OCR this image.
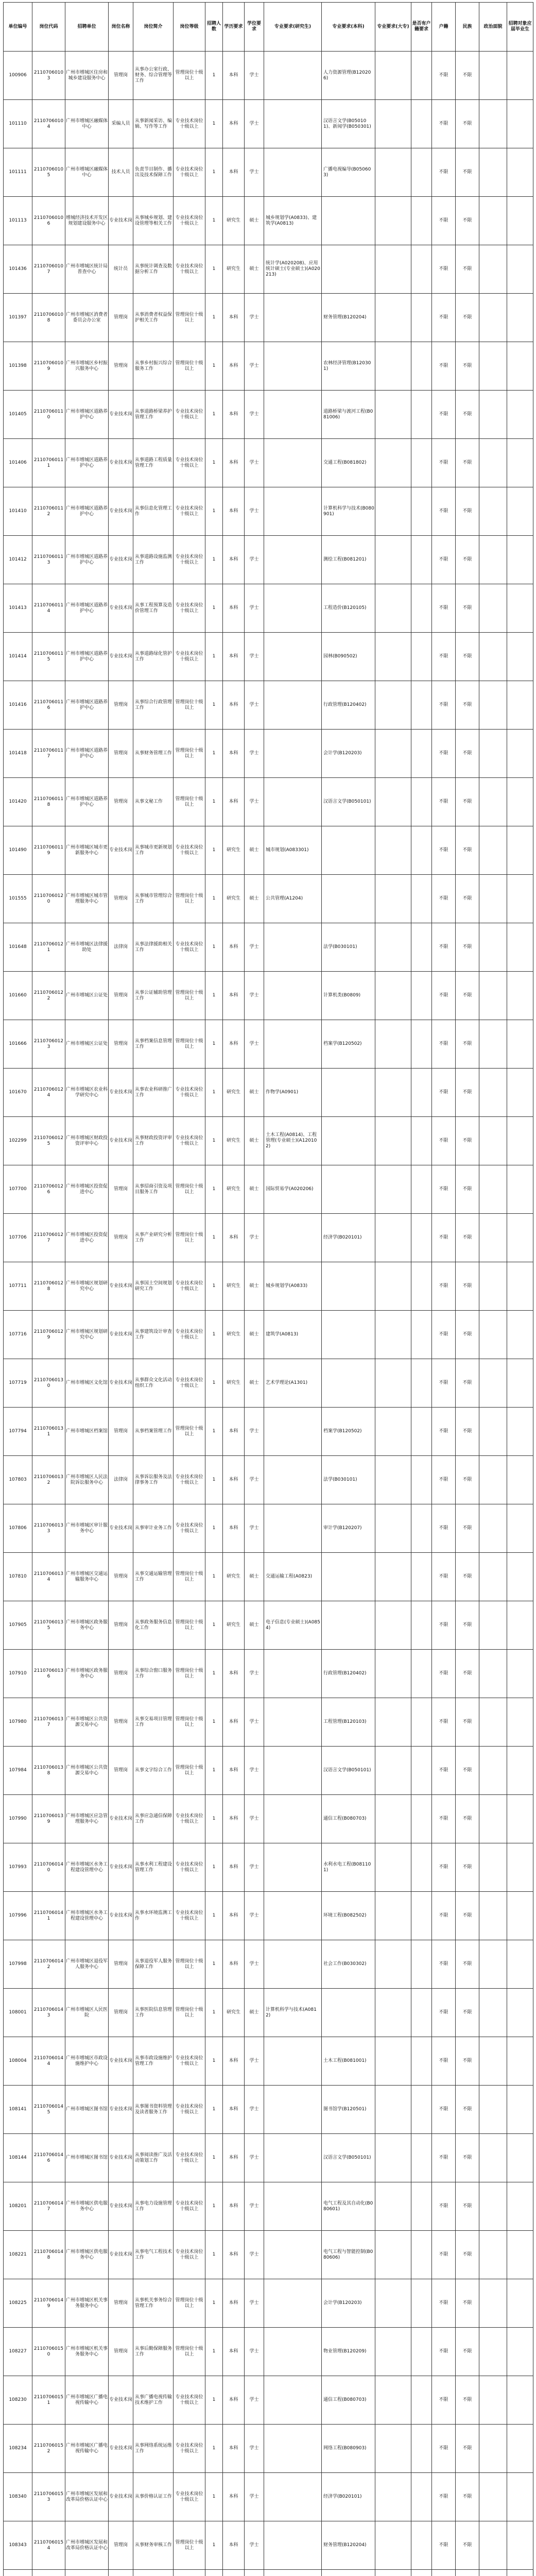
单位编号	岗位代码	招聘单位	岗位名称	岗位简介	岗位等级	招聘人数	学历要求	学位要求	专业要求(研究生)	专业要求(本科)	专业要求(大专)	是否有户籍要求	户籍	民族	政治面貌	招聘对象应届毕业生
100906	21107060103	广州市增城区住房和城乡建设服务中心	管理岗	从事办公室行政、财务、综合管理等工作	管理岗位十级以上	1	本科	学士		人力资源管理(B120206)			不限	不限		
101110	21107060104	广州市增城区融媒体中心	采编人员	从事新闻采访、编辑、写作等工作	专业技术岗位十级以上	1	本科	学士		汉语言文学(B050101)、新闻学(B050301)			不限	不限		
101111	21107060105	广州市增城区融媒体中心	技术人员	负责节目制作、播出及技术保障工作	专业技术岗位十级以上	1	本科	学士		广播电视编导(B050603)			不限	不限		
101113	21107060106	增城经济技术开发区规划建设服务中心	专业技术岗	从事城乡规划、建设管理等相关工作	专业技术岗位十级以上	1	研究生	硕士	城乡规划学(A0833)、建筑学(A0813)				不限	不限		
101436	21107060107	广州市增城区统计局普查中心	统计员	从事统计调查及数据分析工作	专业技术岗位十级以上	1	研究生	硕士	统计学(A020208)、应用统计硕士(专业硕士)(A020213)				不限	不限		
101397	21107060108	广州市增城区消费者委员会办公室	管理岗	从事消费者权益保护相关工作	管理岗位十级以上	1	本科	学士		财务管理(B120204)			不限	不限		
101398	21107060109	广州市增城区乡村振兴服务中心	管理岗	从事乡村振兴综合服务工作	管理岗位十级以上	1	本科	学士		农林经济管理(B120301)			不限	不限		
101405	21107060110	广州市增城区道路养护中心	专业技术岗	从事道路桥梁养护管理工作	专业技术岗位十级以上	1	本科	学士		道路桥梁与渡河工程(B081006)			不限	不限		
101406	21107060111	广州市增城区道路养护中心	专业技术岗	从事道路工程质量管理工作	专业技术岗位十级以上	1	本科	学士		交通工程(B081802)			不限	不限		
101410	21107060112	广州市增城区道路养护中心	专业技术岗	从事信息化管理工作	专业技术岗位十级以上	1	本科	学士		计算机科学与技术(B080901)			不限	不限		
101412	21107060113	广州市增城区道路养护中心	专业技术岗	从事道路设施监测工作	专业技术岗位十级以上	1	本科	学士		测绘工程(B081201)			不限	不限		
101413	21107060114	广州市增城区道路养护中心	专业技术岗	从事工程预算及造价管理工作	专业技术岗位十级以上	1	本科	学士		工程造价(B120105)			不限	不限		
101414	21107060115	广州市增城区道路养护中心	专业技术岗	从事道路绿化管护工作	专业技术岗位十级以上	1	本科	学士		园林(B090502)			不限	不限		
101416	21107060116	广州市增城区道路养护中心	管理岗	从事综合行政管理工作	管理岗位十级以上	1	本科	学士		行政管理(B120402)			不限	不限		
101418	21107060117	广州市增城区道路养护中心	管理岗	从事财务管理工作	管理岗位十级以上	1	本科	学士		会计学(B120203)			不限	不限		
101420	21107060118	广州市增城区道路养护中心	管理岗	从事文秘工作	管理岗位十级以上	1	本科	学士		汉语言文学(B050101)			不限	不限		
101490	21107060119	广州市增城区城市更新服务中心	专业技术岗	从事城市更新规划工作	专业技术岗位十级以上	1	研究生	硕士	城市规划(A083301)				不限	不限		
101555	21107060120	广州市增城区城市管理服务中心	管理岗	从事城市管理综合工作	管理岗位十级以上	1	研究生	硕士	公共管理(A1204)				不限	不限		
101648	21107060121	广州市增城区法律援助处	法律岗	从事法律援助相关工作	专业技术岗位十级以上	1	本科	学士		法学(B030101)			不限	不限		
101660	21107060122	广州市增城区公证处	管理岗	从事公证辅助管理工作	管理岗位十级以上	1	本科	学士		计算机类(B0809)			不限	不限		
101666	21107060123	广州市增城区公证处	管理岗	从事档案信息管理工作	管理岗位十级以上	1	本科	学士		档案学(B120502)			不限	不限		
101670	21107060124	广州市增城区农业科学研究中心	专业技术岗	从事农业科研推广工作	专业技术岗位十级以上	1	研究生	硕士	作物学(A0901)				不限	不限		
102299	21107060125	广州市增城区财政投资评审中心	专业技术岗	从事财政投资评审工作	专业技术岗位十级以上	1	研究生	硕士	土木工程(A0814)、工程管理(专业硕士)(A120102)				不限	不限		
107700	21107060126	广州市增城区投资促进中心	管理岗	从事招商引资及项目服务工作	管理岗位十级以上	1	研究生	硕士	国际贸易学(A020206)				不限	不限		
107706	21107060127	广州市增城区投资促进中心	管理岗	从事产业研究分析工作	管理岗位十级以上	1	本科	学士		经济学(B020101)			不限	不限		
107711	21107060128	广州市增城区规划研究中心	专业技术岗	从事国土空间规划研究工作	专业技术岗位十级以上	1	研究生	硕士	城乡规划学(A0833)				不限	不限		
107716	21107060129	广州市增城区规划研究中心	专业技术岗	从事建筑设计审查工作	专业技术岗位十级以上	1	研究生	硕士	建筑学(A0813)				不限	不限		
107719	21107060130	广州市增城区文化馆	专业技术岗	从事群众文化活动组织工作	专业技术岗位十级以上	1	研究生	硕士	艺术学理论(A1301)				不限	不限		
107794	21107060131	广州市增城区档案馆	管理岗	从事档案管理工作	管理岗位十级以上	1	本科	学士		档案学(B120502)			不限	不限		
107803	21107060132	广州市增城区人民法院诉讼服务中心	法律岗	从事诉讼服务及法律事务工作	专业技术岗位十级以上	1	本科	学士		法学(B030101)			不限	不限		
107806	21107060133	广州市增城区审计服务中心	专业技术岗	从事审计业务工作	专业技术岗位十级以上	1	本科	学士		审计学(B120207)			不限	不限		
107810	21107060134	广州市增城区交通运输服务中心	管理岗	从事交通运输管理工作	管理岗位十级以上	1	研究生	硕士	交通运输工程(A0823)				不限	不限		
107905	21107060135	广州市增城区政务服务中心	管理岗	从事政务服务信息化工作	管理岗位十级以上	1	研究生	硕士	电子信息(专业硕士)(A0854)				不限	不限		
107910	21107060136	广州市增城区政务服务中心	管理岗	从事综合窗口服务工作	管理岗位十级以上	1	本科	学士		行政管理(B120402)			不限	不限		
107980	21107060137	广州市增城区公共资源交易中心	管理岗	从事交易项目管理工作	管理岗位十级以上	1	本科	学士		工程管理(B120103)			不限	不限		
107984	21107060138	广州市增城区公共资源交易中心	管理岗	从事文字综合工作	管理岗位十级以上	1	本科	学士		汉语言文学(B050101)			不限	不限		
107990	21107060139	广州市增城区应急管理服务中心	专业技术岗	从事应急通信保障工作	专业技术岗位十级以上	1	本科	学士		通信工程(B080703)			不限	不限		
107993	21107060140	广州市增城区水务工程建设管理中心	专业技术岗	从事水利工程建设管理工作	专业技术岗位十级以上	1	本科	学士		水利水电工程(B081101)			不限	不限		
107996	21107060141	广州市增城区水务工程建设管理中心	专业技术岗	从事水环境监测工作	专业技术岗位十级以上	1	本科	学士		环境工程(B082502)			不限	不限		
107998	21107060142	广州市增城区退役军人服务中心	管理岗	从事退役军人服务保障工作	管理岗位十级以上	1	本科	学士		社会工作(B030302)			不限	不限		
108001	21107060143	广州市增城区人民医院	管理岗	从事医院信息管理工作	管理岗位十级以上	1	研究生	硕士	计算机科学与技术(A0812)				不限	不限		
108004	21107060144	广州市增城区市政设施维护中心	专业技术岗	从事市政设施维护管理工作	专业技术岗位十级以上	1	本科	学士		土木工程(B081001)			不限	不限		
108141	21107060145	广州市增城区图书馆	专业技术岗	从事图书资料管理及读者服务工作	专业技术岗位十级以上	1	本科	学士		图书馆学(B120501)			不限	不限		
108144	21107060146	广州市增城区图书馆	专业技术岗	从事阅读推广及活动策划工作	专业技术岗位十级以上	1	本科	学士		汉语言文学(B050101)			不限	不限		
108201	21107060147	广州市增城区供电服务中心	专业技术岗	从事电力设施管理工作	专业技术岗位十级以上	1	本科	学士		电气工程及其自动化(B080601)			不限	不限		
108221	21107060148	广州市增城区供电服务中心	专业技术岗	从事电气工程技术工作	专业技术岗位十级以上	1	本科	学士		电气工程与智能控制(B080606)			不限	不限		
108225	21107060149	广州市增城区机关事务服务中心	管理岗	从事机关事务综合管理工作	管理岗位十级以上	1	本科	学士		会计学(B120203)			不限	不限		
108227	21107060150	广州市增城区机关事务服务中心	管理岗	从事后勤保障服务工作	管理岗位十级以上	1	本科	学士		物业管理(B120209)			不限	不限		
108230	21107060151	广州市增城区广播电视传输中心	专业技术岗	从事广播电视传输技术维护工作	专业技术岗位十级以上	1	本科	学士		通信工程(B080703)			不限	不限		
108234	21107060152	广州市增城区广播电视传输中心	专业技术岗	从事网络系统运维工作	专业技术岗位十级以上	1	本科	学士		网络工程(B080903)			不限	不限		
108340	21107060153	广州市增城区发展和改革局价格认证中心	专业技术岗	从事价格认证工作	专业技术岗位十级以上	1	本科	学士		经济学(B020101)			不限	不限		
108343	21107060154	广州市增城区发展和改革局价格认证中心	管理岗	从事财务审核工作	管理岗位十级以上	1	本科	学士		财务管理(B120204)			不限	不限		
